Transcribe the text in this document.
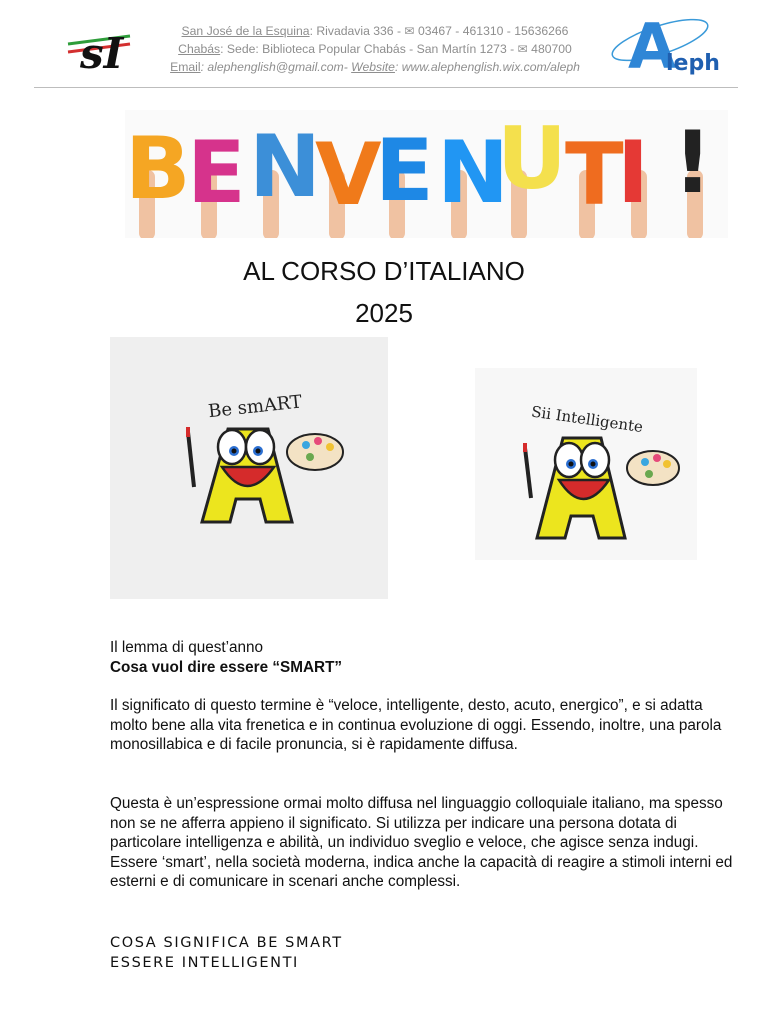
sI	San José de la Esquina: Rivadavia 336 - ✉ 03467 - 461310 - 15636266
Chabás: Sede: Biblioteca Popular Chabás - San Martín 1273 - ✉ 480700
Email: alephenglish@gmail.com- Website: www.alephenglish.wix.com/aleph A
leph
B
E N
V
E N
U
T
I !
AL CORSO D’ITALIANO
2025
Be smART	Sii Intelligente
Il lemma di quest’anno
Cosa vuol dire essere “SMART”
Il significato di questo termine è “veloce, intelligente, desto, acuto, energico”, e si adatta molto bene alla vita frenetica e in continua evoluzione di oggi. Essendo, inoltre, una parola monosillabica e di facile pronuncia, si è rapidamente diffusa.
Questa è un’espressione ormai molto diffusa nel linguaggio colloquiale italiano, ma spesso non se ne afferra appieno il significato. Si utilizza per indicare una persona dotata di particolare intelligenza e abilità, un individuo sveglio e veloce, che agisce senza indugi. Essere ‘smart’, nella società moderna, indica anche la capacità di reagire a stimoli interni ed esterni e di comunicare in scenari anche complessi.
COSA SIGNIFICA BE SMART
ESSERE INTELLIGENTI
